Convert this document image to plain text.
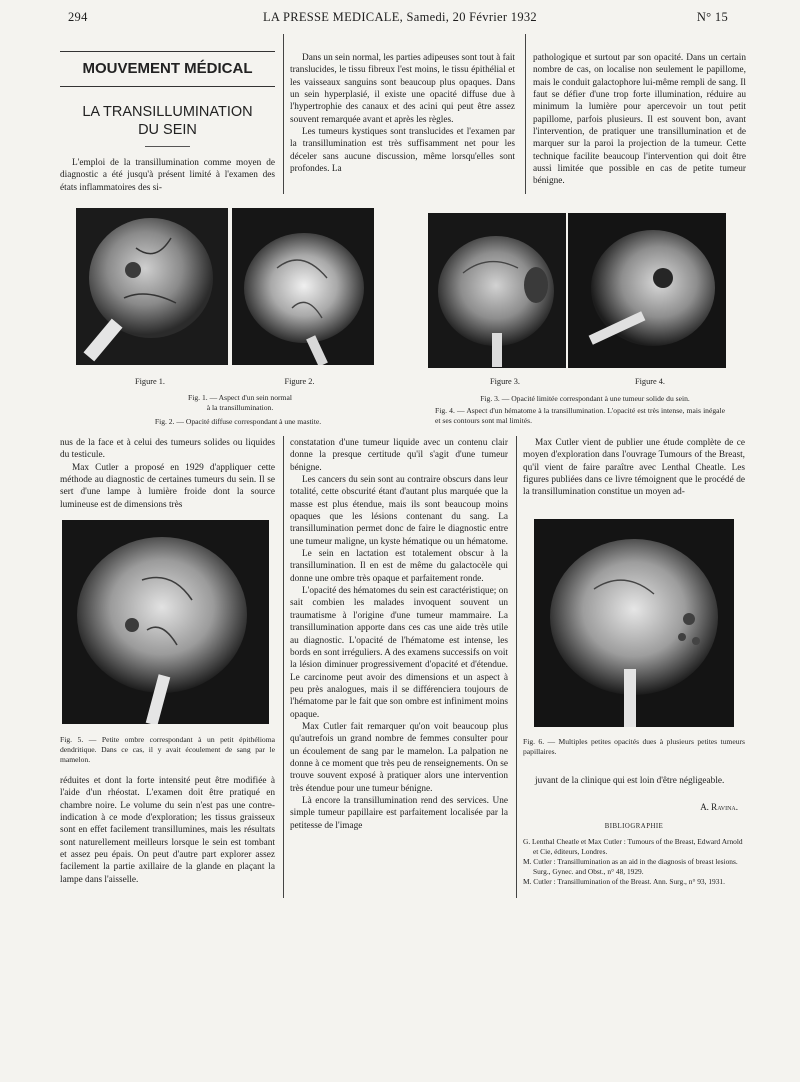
294	LA PRESSE MEDICALE, Samedi, 20 Février 1932	N° 15
MOUVEMENT MÉDICAL
LA TRANSILLUMINATION
DU SEIN

L'emploi de la transillumination comme moyen de diagnostic a été jusqu'à présent limité à l'examen des états inflammatoires des si-

Dans un sein normal, les parties adipeuses sont tout à fait translucides, le tissu fibreux l'est moins, le tissu épithélial et les vaisseaux sanguins sont beaucoup plus opaques. Dans un sein hyperplasié, il existe une opacité diffuse due à l'hypertrophie des canaux et des acini qui peut être assez souvent remarquée avant et après les règles.

Les tumeurs kystiques sont translucides et l'examen par la transillumination est très suffisamment net pour les déceler sans aucune discussion, même lorsqu'elles sont profondes. La

pathologique et surtout par son opacité. Dans un certain nombre de cas, on localise non seulement le papillome, mais le conduit galactophore lui-même rempli de sang. Il faut se défier d'une trop forte illumination, réduire au minimum la lumière pour apercevoir un tout petit papillome, parfois plusieurs. Il est souvent bon, avant l'intervention, de pratiquer une transillumination et de marquer sur la paroi la projection de la tumeur. Cette technique facilite beaucoup l'intervention qui doit être aussi limitée que possible en cas de petite tumeur bénigne.

Figure 1.	Figure 2.
Fig. 1. — Aspect d'un sein normal
à la transillumination.
Fig. 2. — Opacité diffuse correspondant à une mastite.
Figure 3.	Figure 4.
Fig. 3. — Opacité limitée correspondant à une tumeur solide du sein.
Fig. 4. — Aspect d'un hématome à la transillumination. L'opacité est très intense, mais inégale et ses contours sont mal limités.

nus de la face et à celui des tumeurs solides ou liquides du testicule.

Max Cutler a proposé en 1929 d'appliquer cette méthode au diagnostic de certaines tumeurs du sein. Il se sert d'une lampe à lumière froide dont la source lumineuse est de dimensions très

Fig. 5. — Petite ombre correspondant à un petit épithélioma dendritique. Dans ce cas, il y avait écoulement de sang par le mamelon.

réduites et dont la forte intensité peut être modifiée à l'aide d'un rhéostat. L'examen doit être pratiqué en chambre noire. Le volume du sein n'est pas une contre-indication à ce mode d'exploration; les tissus graisseux sont en effet facilement transillumines, mais les résultats sont naturellement meilleurs lorsque le sein est tombant et assez peu épais. On peut d'autre part explorer assez facilement la partie axillaire de la glande en plaçant la lampe dans l'aisselle.

constatation d'une tumeur liquide avec un contenu clair donne la presque certitude qu'il s'agit d'une tumeur bénigne.

Les cancers du sein sont au contraire obscurs dans leur totalité, cette obscurité étant d'autant plus marquée que la masse est plus étendue, mais ils sont beaucoup moins opaques que les lésions contenant du sang. La transillumination permet donc de faire le diagnostic entre une tumeur maligne, un kyste hématique ou un hématome.

Le sein en lactation est totalement obscur à la transillumination. Il en est de même du galactocèle qui donne une ombre très opaque et parfaitement ronde.

L'opacité des hématomes du sein est caractéristique; on sait combien les malades invoquent souvent un traumatisme à l'origine d'une tumeur mammaire. La transillumination apporte dans ces cas une aide très utile au diagnostic. L'opacité de l'hématome est intense, les bords en sont irréguliers. A des examens successifs on voit la lésion diminuer progressivement d'opacité et d'étendue. Le carcinome peut avoir des dimensions et un aspect à peu près analogues, mais il se différenciera toujours de l'hématome par le fait que son ombre est infiniment moins opaque.

Max Cutler fait remarquer qu'on voit beaucoup plus qu'autrefois un grand nombre de femmes consulter pour un écoulement de sang par le mamelon. La palpation ne donne à ce moment que très peu de renseignements. On se trouve souvent exposé à pratiquer alors une intervention très étendue pour une tumeur bénigne.

Là encore la transillumination rend des services. Une simple tumeur papillaire est parfaitement localisée par la petitesse de l'image

Max Cutler vient de publier une étude complète de ce moyen d'exploration dans l'ouvrage Tumours of the Breast, qu'il vient de faire paraître avec Lenthal Cheatle. Les figures publiées dans ce livre témoignent que le procédé de la transillumination constitue un moyen ad-

Fig. 6. — Multiples petites opacités dues à plusieurs petites tumeurs papillaires.

juvant de la clinique qui est loin d'être négligeable.

A. Ravina.
BIBLIOGRAPHIE
G. Lenthal Cheatle et Max Cutler : Tumours of the Breast, Edward Arnold et Cie, éditeurs, Londres.
M. Cutler : Transillumination as an aid in the diagnosis of breast lesions. Surg., Gynec. and Obst., n° 48, 1929.
M. Cutler : Transillumination of the Breast. Ann. Surg., n° 93, 1931.
